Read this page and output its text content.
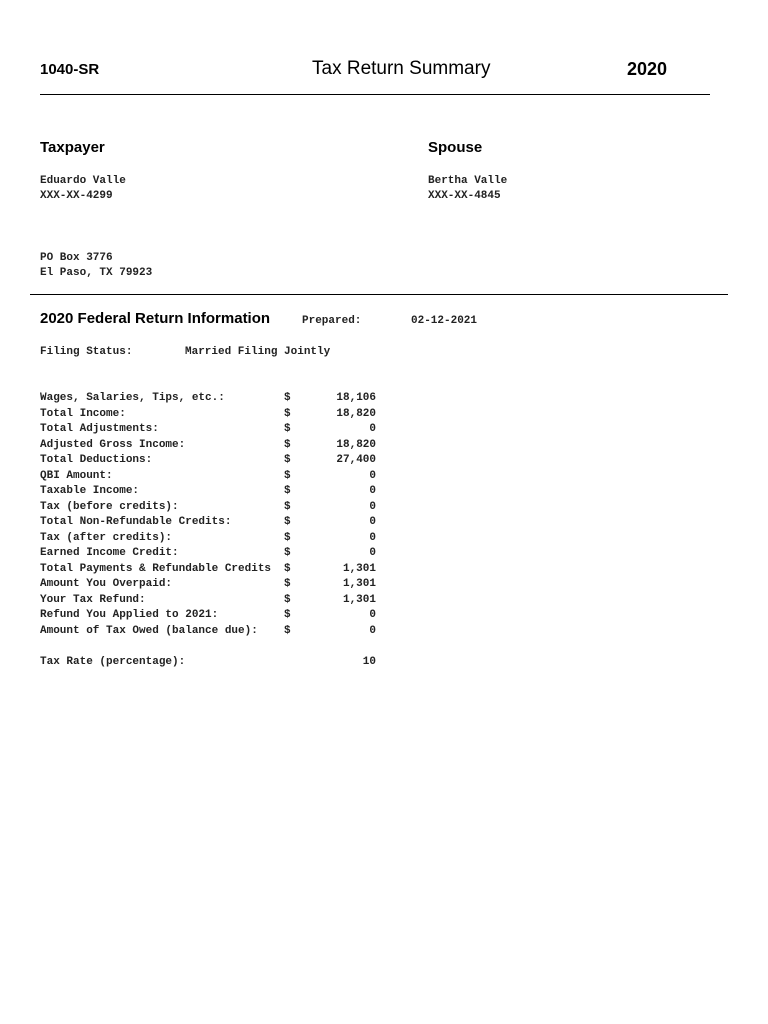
1040-SR	Tax Return Summary	2020
Taxpayer
Eduardo Valle
XXX-XX-4299
Spouse
Bertha Valle
XXX-XX-4845
PO Box 3776
El Paso, TX 79923
2020 Federal Return Information	Prepared:	02-12-2021
Filing Status:	Married Filing Jointly
Wages, Salaries, Tips, etc.:	$	18,106
Total Income:	$	18,820
Total Adjustments:	$	0
Adjusted Gross Income:	$	18,820
Total Deductions:	$	27,400
QBI Amount:	$	0
Taxable Income:	$	0
Tax (before credits):	$	0
Total Non-Refundable Credits:	$	0
Tax (after credits):	$	0
Earned Income Credit:	$	0
Total Payments & Refundable Credits $	1,301
Amount You Overpaid:	$	1,301
Your Tax Refund:	$	1,301
Refund You Applied to 2021:	$	0
Amount of Tax Owed (balance due): $	0
Tax Rate (percentage):	10
